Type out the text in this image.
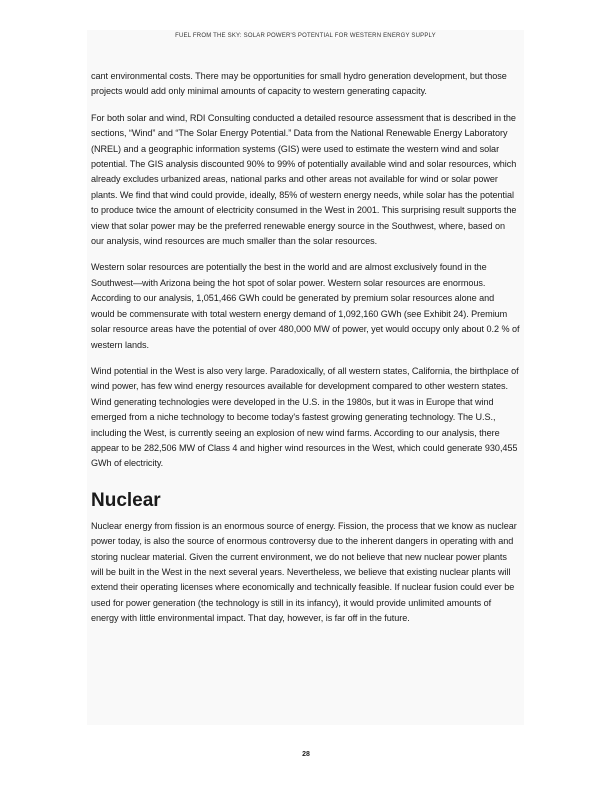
FUEL FROM THE SKY: SOLAR POWER'S POTENTIAL FOR WESTERN ENERGY SUPPLY

cant environmental costs. There may be opportunities for small hydro generation development, but those projects would add only minimal amounts of capacity to western generating capacity.

For both solar and wind, RDI Consulting conducted a detailed resource assessment that is described in the sections, “Wind” and “The Solar Energy Potential.” Data from the National Renewable Energy Laboratory (NREL) and a geographic information systems (GIS) were used to estimate the western wind and solar potential. The GIS analysis discounted 90% to 99% of potentially available wind and solar resources, which already excludes urbanized areas, national parks and other areas not available for wind or solar power plants. We find that wind could provide, ideally, 85% of western energy needs, while solar has the potential to produce twice the amount of electricity consumed in the West in 2001. This surprising result supports the view that solar power may be the preferred renewable energy source in the Southwest, where, based on our analysis, wind resources are much smaller than the solar resources.

Western solar resources are potentially the best in the world and are almost exclusively found in the Southwest—with Arizona being the hot spot of solar power. Western solar resources are enormous. According to our analysis, 1,051,466 GWh could be generated by premium solar resources alone and would be commensurate with total western energy demand of 1,092,160 GWh (see Exhibit 24). Premium solar resource areas have the potential of over 480,000 MW of power, yet would occupy only about 0.2 % of western lands.

Wind potential in the West is also very large. Paradoxically, of all western states, California, the birthplace of wind power, has few wind energy resources available for development compared to other western states. Wind generating technologies were developed in the U.S. in the 1980s, but it was in Europe that wind emerged from a niche technology to become today's fastest growing generating technology. The U.S., including the West, is currently seeing an explosion of new wind farms. According to our analysis, there appear to be 282,506 MW of Class 4 and higher wind resources in the West, which could generate 930,455 GWh of electricity.

Nuclear

Nuclear energy from fission is an enormous source of energy. Fission, the process that we know as nuclear power today, is also the source of enormous controversy due to the inherent dangers in operating with and storing nuclear material. Given the current environment, we do not believe that new nuclear power plants will be built in the West in the next several years. Nevertheless, we believe that existing nuclear plants will extend their operating licenses where economically and technically feasible. If nuclear fusion could ever be used for power generation (the technology is still in its infancy), it would provide unlimited amounts of energy with little environmental impact. That day, however, is far off in the future.

28
